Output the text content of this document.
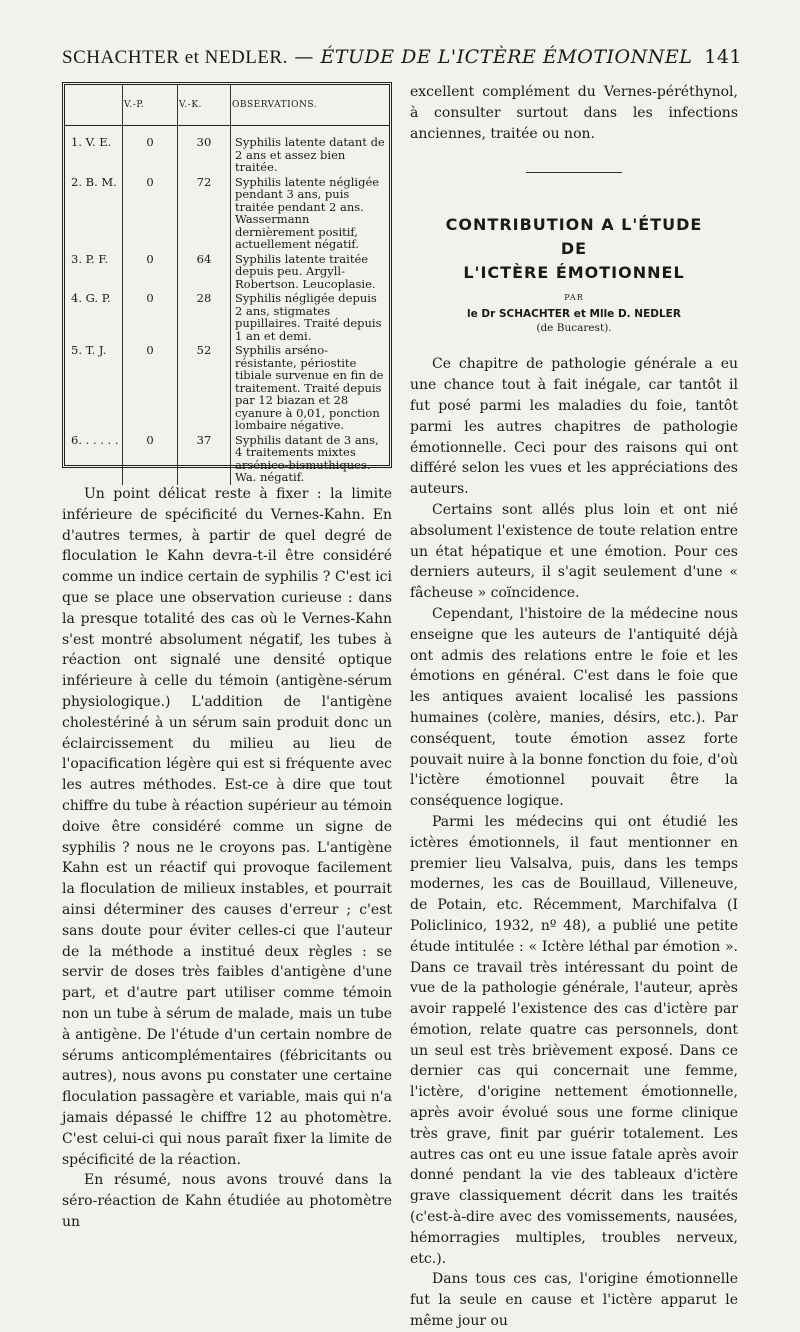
SCHACHTER et NEDLER. — ÉTUDE DE L'ICTÈRE ÉMOTIONNEL 141
	V.-P.	V.-K.	OBSERVATIONS.
1. V. E.	0	30	Syphilis latente datant de 2 ans et assez bien traitée.
2. B. M.	0	72	Syphilis latente négligée pendant 3 ans, puis traitée pendant 2 ans. Wassermann dernièrement positif, actuellement négatif.
3. P. F.	0	64	Syphilis latente traitée depuis peu. Argyll-Robertson. Leucoplasie.
4. G. P.	0	28	Syphilis négligée depuis 2 ans, stigmates pupillaires. Traité depuis 1 an et demi.
5. T. J.	0	52	Syphilis arséno-résistante, périostite tibiale survenue en fin de traitement. Traité depuis par 12 biazan et 28 cyanure à 0,01, ponction lombaire négative.
6. . . . . .	0	37	Syphilis datant de 3 ans, 4 traitements mixtes arsénico-bismuthiques. Wa. négatif.

Un point délicat reste à fixer : la limite inférieure de spécificité du Vernes-Kahn. En d'autres termes, à partir de quel degré de floculation le Kahn devra-t-il être considéré comme un indice certain de syphilis ? C'est ici que se place une observation curieuse : dans la presque totalité des cas où le Vernes-Kahn s'est montré absolument négatif, les tubes à réaction ont signalé une densité optique inférieure à celle du témoin (antigène-sérum physiologique.) L'addition de l'antigène cholestériné à un sérum sain produit donc un éclaircissement du milieu au lieu de l'opacification légère qui est si fréquente avec les autres méthodes. Est-ce à dire que tout chiffre du tube à réaction supérieur au témoin doive être considéré comme un signe de syphilis ? nous ne le croyons pas. L'antigène Kahn est un réactif qui provoque facilement la floculation de milieux instables, et pourrait ainsi déterminer des causes d'erreur ; c'est sans doute pour éviter celles-ci que l'auteur de la méthode a institué deux règles : se servir de doses très faibles d'antigène d'une part, et d'autre part utiliser comme témoin non un tube à sérum de malade, mais un tube à antigène. De l'étude d'un certain nombre de sérums anticomplémentaires (fébricitants ou autres), nous avons pu constater une certaine floculation passagère et variable, mais qui n'a jamais dépassé le chiffre 12 au photomètre. C'est celui-ci qui nous paraît fixer la limite de spécificité de la réaction.

En résumé, nous avons trouvé dans la séro-réaction de Kahn étudiée au photomètre un

excellent complément du Vernes-péréthynol, à consulter surtout dans les infections anciennes, traitée ou non.

CONTRIBUTION A L'ÉTUDE
DE
L'ICTÈRE ÉMOTIONNEL
PAR
le Dr SCHACHTER et Mlle D. NEDLER
(de Bucarest).

Ce chapitre de pathologie générale a eu une chance tout à fait inégale, car tantôt il fut posé parmi les maladies du foie, tantôt parmi les autres chapitres de pathologie émotionnelle. Ceci pour des raisons qui ont différé selon les vues et les appréciations des auteurs.

Certains sont allés plus loin et ont nié absolument l'existence de toute relation entre un état hépatique et une émotion. Pour ces derniers auteurs, il s'agit seulement d'une « fâcheuse » coïncidence.

Cependant, l'histoire de la médecine nous enseigne que les auteurs de l'antiquité déjà ont admis des relations entre le foie et les émotions en général. C'est dans le foie que les antiques avaient localisé les passions humaines (colère, manies, désirs, etc.). Par conséquent, toute émotion assez forte pouvait nuire à la bonne fonction du foie, d'où l'ictère émotionnel pouvait être la conséquence logique.

Parmi les médecins qui ont étudié les ictères émotionnels, il faut mentionner en premier lieu Valsalva, puis, dans les temps modernes, les cas de Bouillaud, Villeneuve, de Potain, etc. Récemment, Marchifalva (I Policlinico, 1932, nº 48), a publié une petite étude intitulée : « Ictère léthal par émotion ». Dans ce travail très intéressant du point de vue de la pathologie générale, l'auteur, après avoir rappelé l'existence des cas d'ictère par émotion, relate quatre cas personnels, dont un seul est très brièvement exposé. Dans ce dernier cas qui concernait une femme, l'ictère, d'origine nettement émotionnelle, après avoir évolué sous une forme clinique très grave, finit par guérir totalement. Les autres cas ont eu une issue fatale après avoir donné pendant la vie des tableaux d'ictère grave classiquement décrit dans les traités (c'est-à-dire avec des vomissements, nausées, hémorragies multiples, troubles nerveux, etc.).

Dans tous ces cas, l'origine émotionnelle fut la seule en cause et l'ictère apparut le même jour ou
